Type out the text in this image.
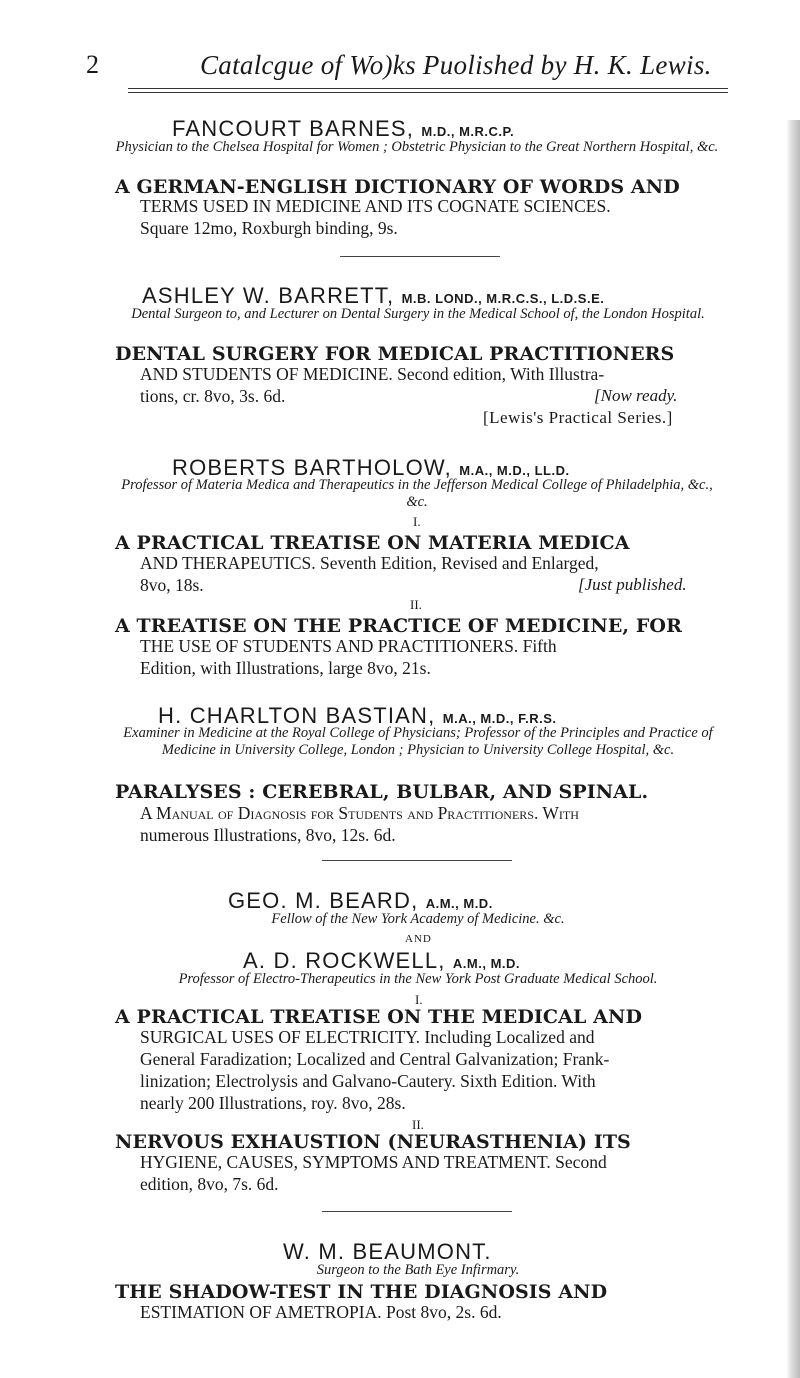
2	Catalcgue of Wo)ks Puolished by H. K. Lewis.
FANCOURT BARNES, M.D., M.R.C.P.
Physician to the Chelsea Hospital for Women ; Obstetric Physician to the Great Northern Hospital, &c.
A GERMAN-ENGLISH DICTIONARY OF WORDS AND
TERMS USED IN MEDICINE AND ITS COGNATE SCIENCES.
Square 12mo, Roxburgh binding, 9s.
ASHLEY W. BARRETT, M.B. LOND., M.R.C.S., L.D.S.E.
Dental Surgeon to, and Lecturer on Dental Surgery in the Medical School of, the London Hospital.
DENTAL SURGERY FOR MEDICAL PRACTITIONERS
AND STUDENTS OF MEDICINE. Second edition, With Illustra-
tions, cr. 8vo, 3s. 6d.	[Now ready.
[Lewis's Practical Series.]
ROBERTS BARTHOLOW, M.A., M.D., LL.D.
Professor of Materia Medica and Therapeutics in the Jefferson Medical College of Philadelphia, &c., &c.
I.
A PRACTICAL TREATISE ON MATERIA MEDICA
AND THERAPEUTICS. Seventh Edition, Revised and Enlarged,
8vo, 18s.	[Just published.
II.
A TREATISE ON THE PRACTICE OF MEDICINE, FOR
THE USE OF STUDENTS AND PRACTITIONERS. Fifth
Edition, with Illustrations, large 8vo, 21s.
H. CHARLTON BASTIAN, M.A., M.D., F.R.S.
Examiner in Medicine at the Royal College of Physicians; Professor of the Principles and Practice of Medicine in University College, London ; Physician to University College Hospital, &c.
PARALYSES : CEREBRAL, BULBAR, AND SPINAL.
A Manual of Diagnosis for Students and Practitioners. With
numerous Illustrations, 8vo, 12s. 6d.
GEO. M. BEARD, A.M., M.D.
Fellow of the New York Academy of Medicine. &c.
AND
A. D. ROCKWELL, A.M., M.D.
Professor of Electro-Therapeutics in the New York Post Graduate Medical School.
I.
A PRACTICAL TREATISE ON THE MEDICAL AND
SURGICAL USES OF ELECTRICITY. Including Localized and
General Faradization; Localized and Central Galvanization; Frank-
linization; Electrolysis and Galvano-Cautery. Sixth Edition. With
nearly 200 Illustrations, roy. 8vo, 28s.
II.
NERVOUS EXHAUSTION (NEURASTHENIA) ITS
HYGIENE, CAUSES, SYMPTOMS AND TREATMENT. Second
edition, 8vo, 7s. 6d.
W. M. BEAUMONT.
Surgeon to the Bath Eye Infirmary.
THE SHADOW-TEST IN THE DIAGNOSIS AND
ESTIMATION OF AMETROPIA. Post 8vo, 2s. 6d.
